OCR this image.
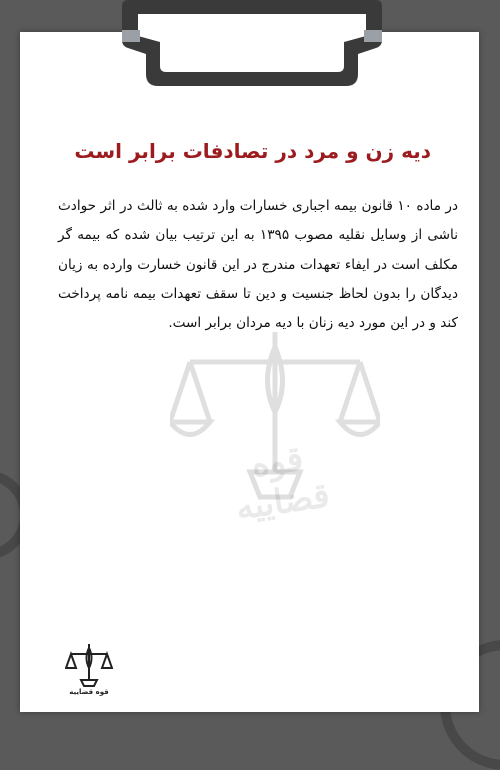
قوه قضاییه
دیه زن و مرد در تصادفات برابر است

در ماده ۱۰ قانون بیمه اجباری خسارات وارد شده به ثالث در اثر حوادث ناشی از وسایل نقلیه مصوب ۱۳۹۵ به این ترتیب بیان شده که بیمه گر مکلف است در ایفاء تعهدات مندرج در این قانون خسارت وارده به زیان دیدگان را بدون لحاظ جنسیت و دین تا سقف تعهدات بیمه نامه پرداخت کند و در این مورد دیه زنان با دیه مردان برابر است.

قوه قضاییه
